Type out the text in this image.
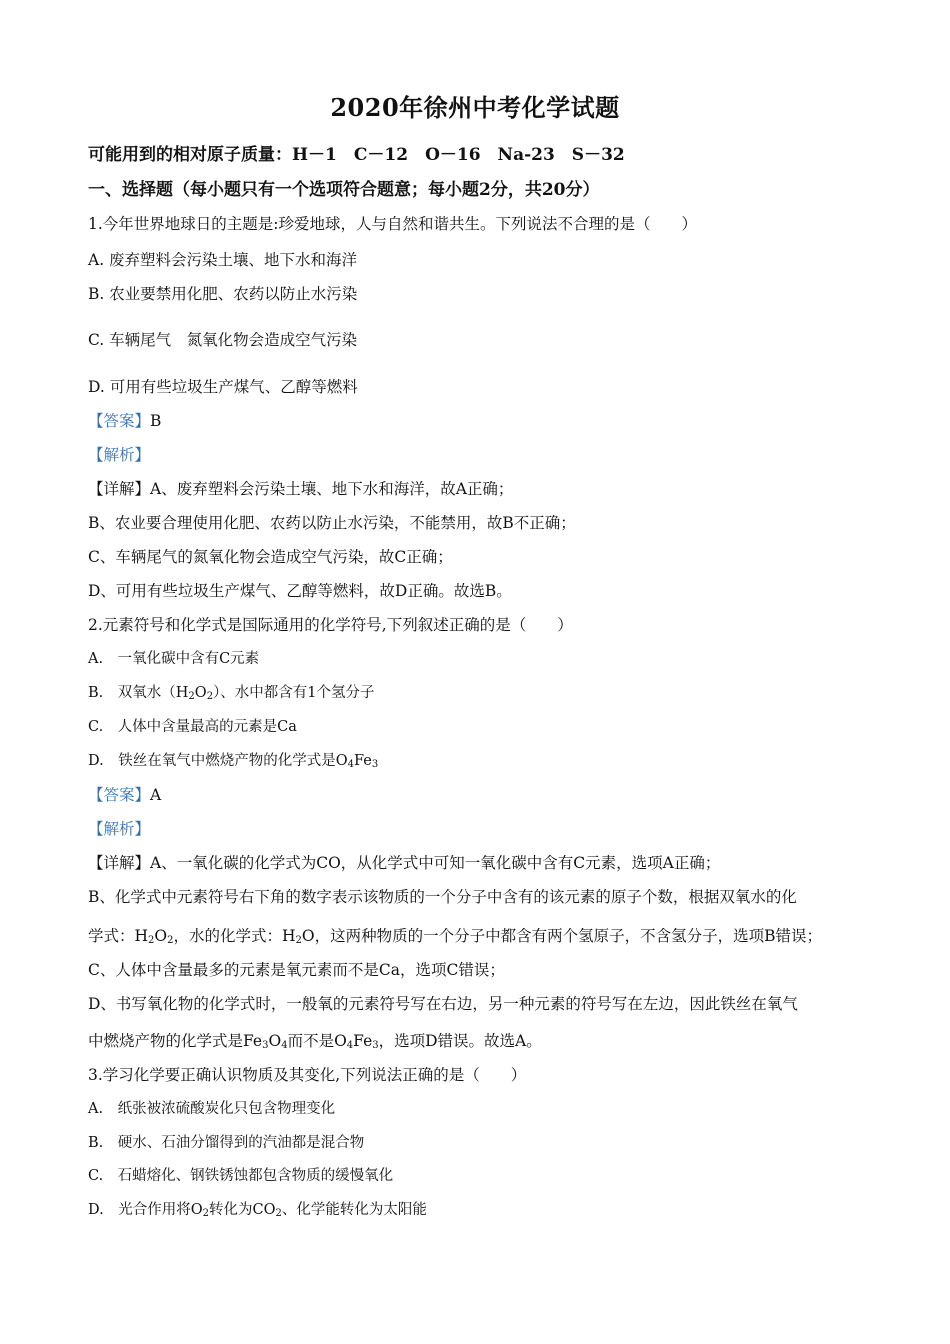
2020年徐州中考化学试题
可能用到的相对原子质量：H－1　C－12　O－16　Na-23　S－32
一、选择题（每小题只有一个选项符合题意；每小题2分，共20分）
1.今年世界地球日的主题是:珍爱地球，人与自然和谐共生。下列说法不合理的是（　　）
A. 废弃塑料会污染土壤、地下水和海洋
B. 农业要禁用化肥、农药以防止水污染
C. 车辆尾气　氮氧化物会造成空气污染
D. 可用有些垃圾生产煤气、乙醇等燃料
【答案】B
【解析】
【详解】A、废弃塑料会污染土壤、地下水和海洋，故A正确；
B、农业要合理使用化肥、农药以防止水污染，不能禁用，故B不正确；
C、车辆尾气的氮氧化物会造成空气污染，故C正确；
D、可用有些垃圾生产煤气、乙醇等燃料，故D正确。故选B。
2.元素符号和化学式是国际通用的化学符号,下列叙述正确的是（　　）
A.　一氧化碳中含有C元素
B.　双氧水$(H_2O_2)$、水中都含有1个氢分子
C.　人体中含量最高的元素是Ca
D.　铁丝在氧气中燃烧产物的化学式是$O_4Fe_3$
【答案】A
【解析】
【详解】A、一氧化碳的化学式为CO，从化学式中可知一氧化碳中含有C元素，选项A正确；
B、化学式中元素符号右下角的数字表示该物质的一个分子中含有的该元素的原子个数，根据双氧水的化
学式：$H_2O_2$，水的化学式：$H_2O$，这两种物质的一个分子中都含有两个氢原子，不含氢分子，选项B错误；
C、人体中含量最多的元素是氧元素而不是Ca，选项C错误；
D、书写氧化物的化学式时，一般氧的元素符号写在右边，另一种元素的符号写在左边，因此铁丝在氧气
中燃烧产物的化学式是$Fe_3O_4$而不是$O_4Fe_3$，选项D错误。故选A。
3.学习化学要正确认识物质及其变化,下列说法正确的是（　　）
A.　纸张被浓硫酸炭化只包含物理变化
B.　硬水、石油分馏得到的汽油都是混合物
C.　石蜡熔化、钢铁锈蚀都包含物质的缓慢氧化
D.　光合作用将$O_2$转化为$CO_2$、化学能转化为太阳能
